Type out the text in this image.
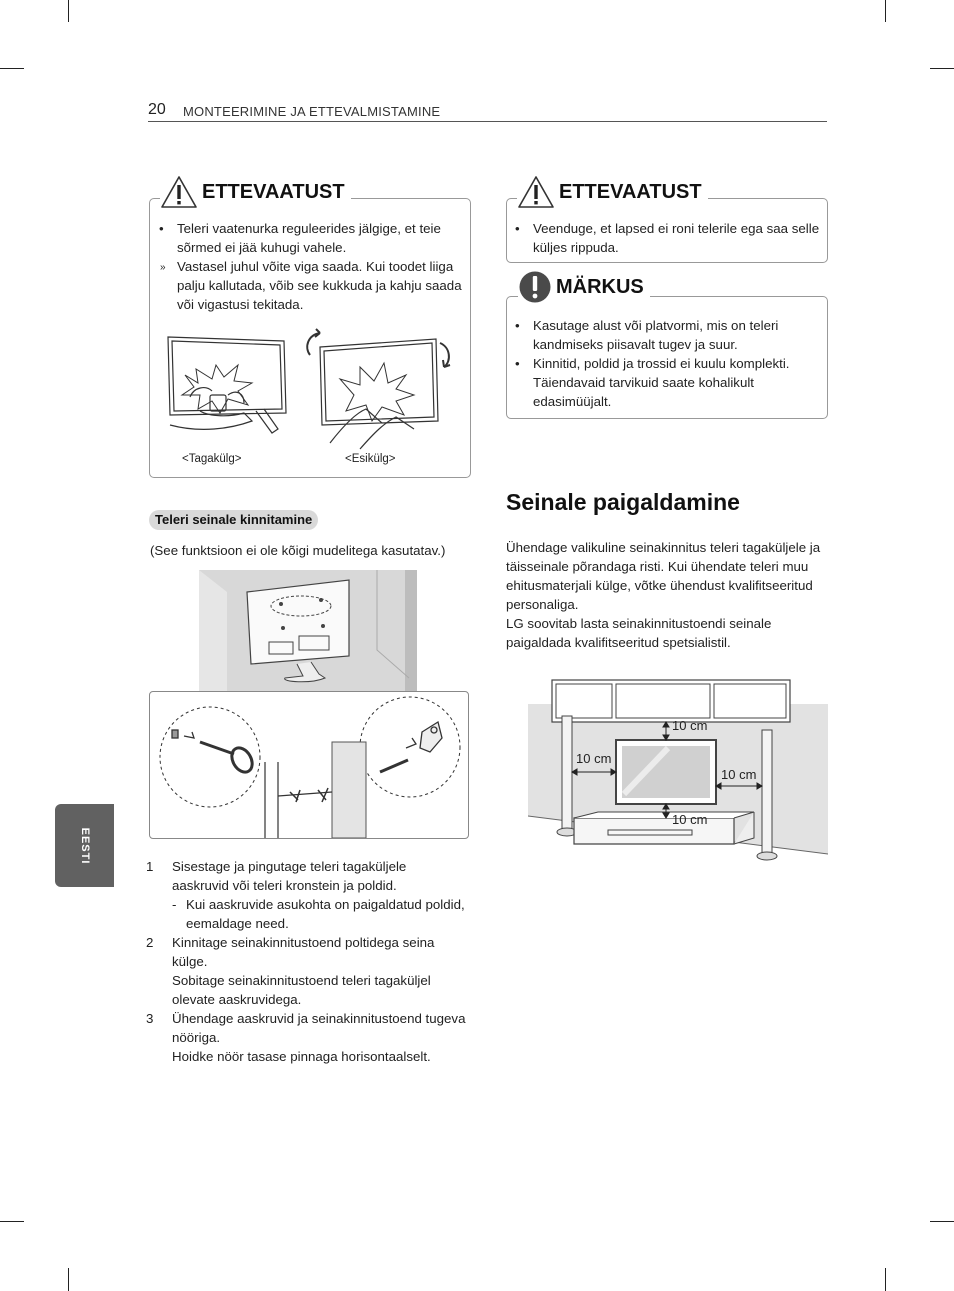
20 MONTEERIMINE JA ETTEVALMISTAMINE
EESTI
ETTEVAATUST
• Teleri vaatenurka reguleerides jälgige, et teie sõrmed ei jää kuhugi vahele.
» Vastasel juhul võite viga saada. Kui toodet liiga palju kallutada, võib see kukkuda ja kahju saada või vigastusi tekitada.
<Tagakülg>	<Esikülg>
ETTEVAATUST
• Veenduge, et lapsed ei roni telerile ega saa selle küljes rippuda.
MÄRKUS
• Kasutage alust või platvormi, mis on teleri kandmiseks piisavalt tugev ja suur.
• Kinnitid, poldid ja trossid ei kuulu komplekti. Täiendavaid tarvikuid saate kohalikult edasimüüjalt.
Teleri seinale kinnitamine
(See funktsioon ei ole kõigi mudelitega kasutatav.)
1 Sisestage ja pingutage teleri tagaküljele aaskruvid või teleri kronstein ja poldid.
- Kui aaskruvide asukohta on paigaldatud poldid, eemaldage need.
2 Kinnitage seinakinnitustoend poltidega seina külge.
Sobitage seinakinnitustoend teleri tagaküljel olevate aaskruvidega.
3 Ühendage aaskruvid ja seinakinnitustoend tugeva nööriga.
Hoidke nöör tasase pinnaga horisontaalselt.
Seinale paigaldamine
Ühendage valikuline seinakinnitus teleri tagaküljele ja täisseinale põrandaga risti. Kui ühendate teleri muu ehitusmaterjali külge, võtke ühendust kvalifitseeritud personaliga.
LG soovitab lasta seinakinnitustoendi seinale paigaldada kvalifitseeritud spetsialistil.
10 cm
10 cm
10 cm
10 cm
